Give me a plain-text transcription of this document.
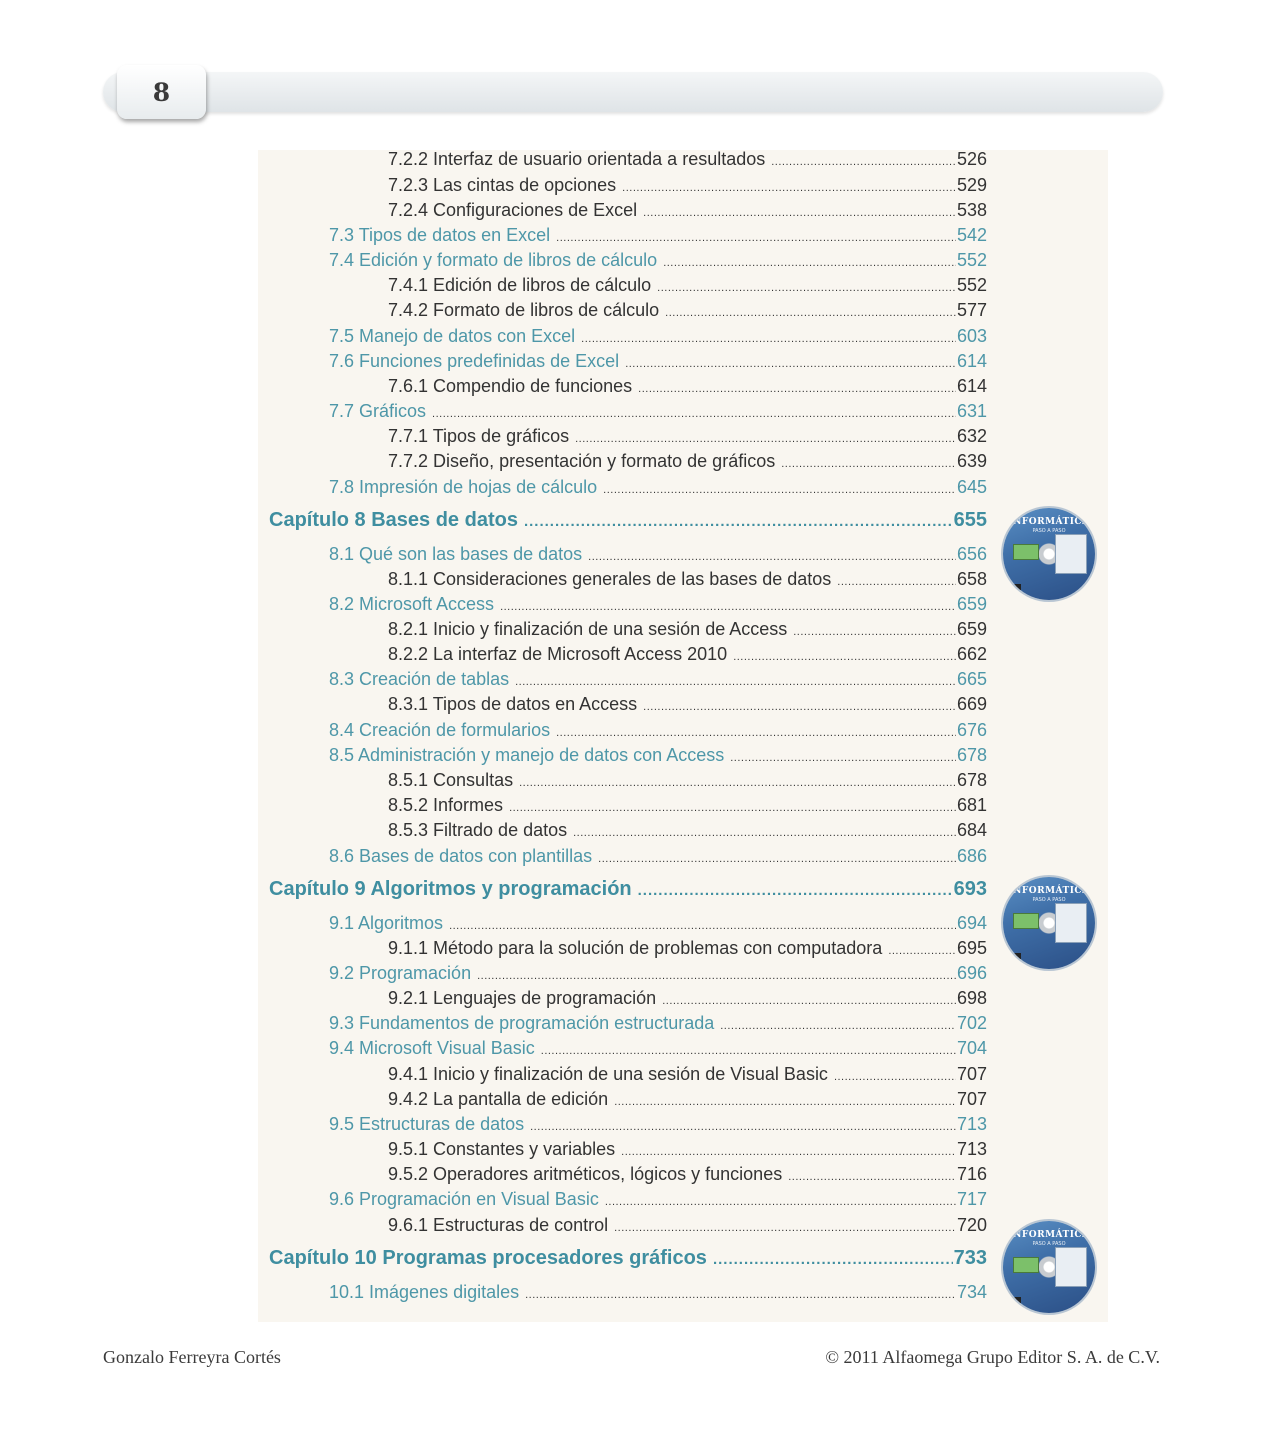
8
7.2.2 Interfaz de usuario orientada a resultados .....	526
7.2.3 Las cintas de opciones .....	529
7.2.4 Configuraciones de Excel .....	538
7.3 Tipos de datos en Excel .....	542
7.4 Edición y formato de libros de cálculo .....	552
7.4.1 Edición de libros de cálculo .....	552
7.4.2 Formato de libros de cálculo .....	577
7.5 Manejo de datos con Excel .....	603
7.6 Funciones predefinidas de Excel .....	614
7.6.1 Compendio de funciones .....	614
7.7 Gráficos .....	631
7.7.1 Tipos de gráficos .....	632
7.7.2 Diseño, presentación y formato de gráficos .....	639
7.8 Impresión de hojas de cálculo .....	645
Capítulo 8 Bases de datos .....	655
8.1 Qué son las bases de datos .....	656
8.1.1 Consideraciones generales de las bases de datos .....	658
8.2 Microsoft Access .....	659
8.2.1 Inicio y finalización de una sesión de Access .....	659
8.2.2 La interfaz de Microsoft Access 2010 .....	662
8.3 Creación de tablas .....	665
8.3.1 Tipos de datos en Access .....	669
8.4 Creación de formularios .....	676
8.5 Administración y manejo de datos con Access .....	678
8.5.1 Consultas .....	678
8.5.2 Informes .....	681
8.5.3 Filtrado de datos .....	684
8.6 Bases de datos con plantillas .....	686
Capítulo 9 Algoritmos y programación .....	693
9.1 Algoritmos .....	694
9.1.1 Método para la solución de problemas con computadora .....	695
9.2 Programación .....	696
9.2.1 Lenguajes de programación .....	698
9.3 Fundamentos de programación estructurada .....	702
9.4 Microsoft Visual Basic .....	704
9.4.1 Inicio y finalización de una sesión de Visual Basic .....	707
9.4.2 La pantalla de edición .....	707
9.5 Estructuras de datos .....	713
9.5.1 Constantes y variables .....	713
9.5.2 Operadores aritméticos, lógicos y funciones .....	716
9.6 Programación en Visual Basic .....	717
9.6.1 Estructuras de control .....	720
Capítulo 10 Programas procesadores gráficos .....	733
10.1 Imágenes digitales .....	734
INFORMÁTICA
PASO A PASO
INFORMÁTICA
PASO A PASO
INFORMÁTICA
PASO A PASO
Gonzalo Ferreyra Cortés	© 2011 Alfaomega Grupo Editor S. A. de C.V.
